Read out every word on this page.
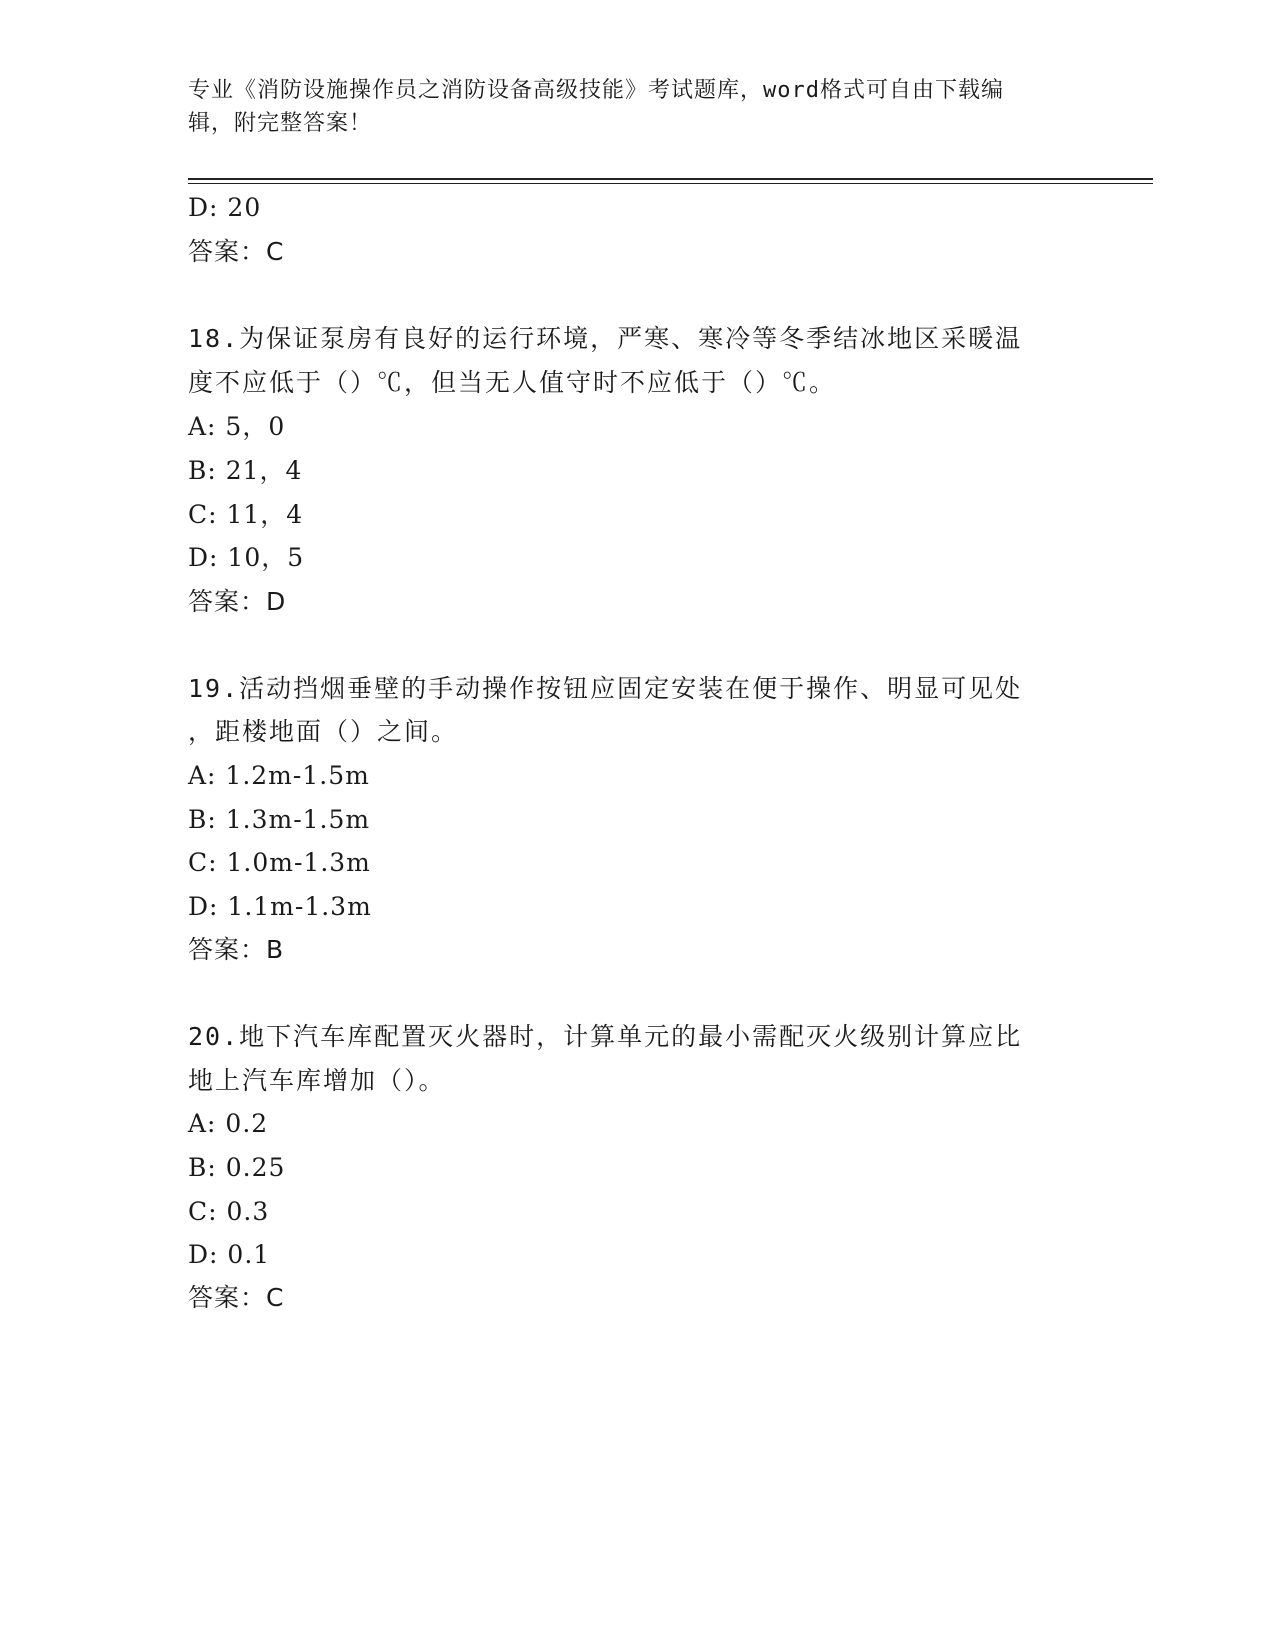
专业《消防设施操作员之消防设备高级技能》考试题库，word格式可自由下载编
辑，附完整答案！
D: 20
答案：C
18.为保证泵房有良好的运行环境，严寒、寒冷等冬季结冰地区采暖温
度不应低于（）℃，但当无人值守时不应低于（）℃。
A: 5，0
B: 21，4
C: 11，4
D: 10，5
答案：D
19.活动挡烟垂壁的手动操作按钮应固定安装在便于操作、明显可见处
，距楼地面（）之间。
A: 1.2m-1.5m
B: 1.3m-1.5m
C: 1.0m-1.3m
D: 1.1m-1.3m
答案：B
20.地下汽车库配置灭火器时，计算单元的最小需配灭火级别计算应比
地上汽车库增加（）。
A: 0.2
B: 0.25
C: 0.3
D: 0.1
答案：C
